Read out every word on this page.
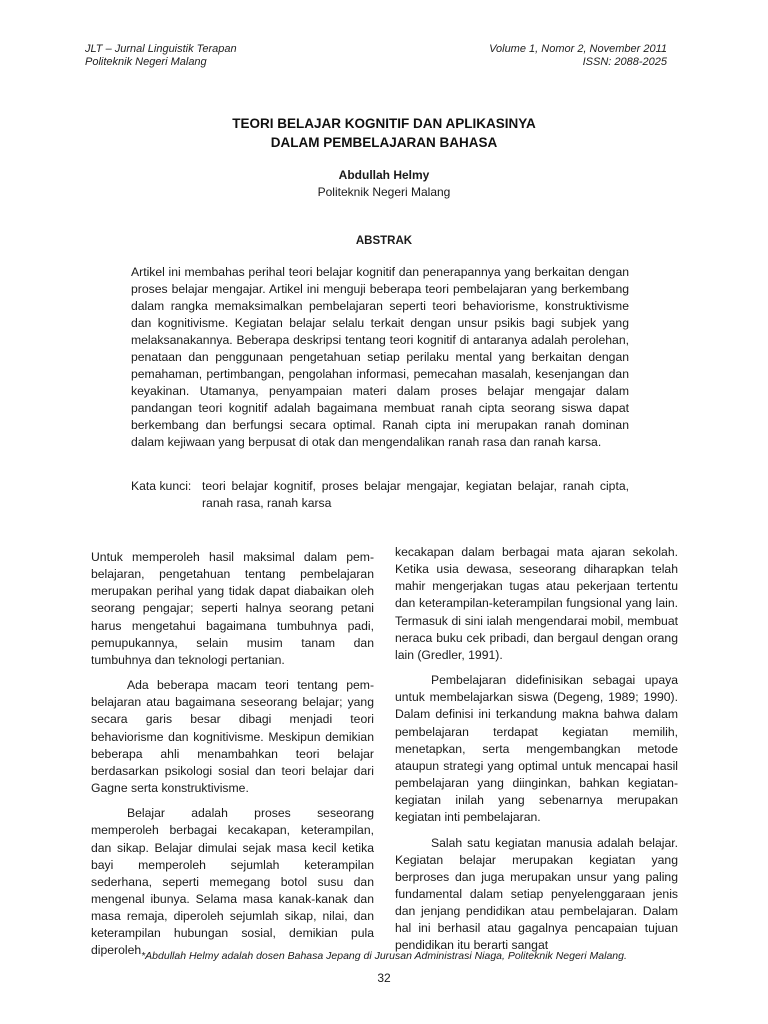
JLT – Jurnal Linguistik Terapan
Politeknik Negeri Malang
Volume 1, Nomor 2, November 2011
ISSN: 2088-2025
TEORI BELAJAR KOGNITIF DAN APLIKASINYA
DALAM PEMBELAJARAN BAHASA
Abdullah Helmy
Politeknik Negeri Malang
ABSTRAK
Artikel ini membahas perihal teori belajar kognitif dan penerapannya yang berkaitan dengan proses belajar mengajar. Artikel ini menguji beberapa teori pembelajaran yang berkembang dalam rangka memaksimalkan pembelajaran seperti teori behaviorisme, konstruktivisme dan kognitivisme. Kegiatan belajar selalu terkait dengan unsur psikis bagi subjek yang melaksanakannya. Beberapa deskripsi tentang teori kognitif di antaranya adalah perolehan, penataan dan penggunaan pengetahuan setiap perilaku mental yang berkaitan dengan pemahaman, pertimbangan, pengolahan informasi, pemecahan masalah, kesenjangan dan keyakinan. Utamanya, penyampaian materi dalam proses belajar mengajar dalam pandangan teori kognitif adalah bagaimana membuat ranah cipta seorang siswa dapat berkembang dan berfungsi secara optimal. Ranah cipta ini merupakan ranah dominan dalam kejiwaan yang berpusat di otak dan mengendalikan ranah rasa dan ranah karsa.
Kata kunci: teori belajar kognitif, proses belajar mengajar, kegiatan belajar, ranah cipta, ranah rasa, ranah karsa

Untuk memperoleh hasil maksimal dalam pembelajaran, pengetahuan tentang pembelajaran merupakan perihal yang tidak dapat diabaikan oleh seorang pengajar; seperti halnya seorang petani harus mengetahui bagaimana tumbuhnya padi, pemupukannya, selain musim tanam dan tumbuhnya dan teknologi pertanian.

Ada beberapa macam teori tentang pembelajaran atau bagaimana seseorang belajar; yang secara garis besar dibagi menjadi teori behaviorisme dan kognitivisme. Meskipun demikian beberapa ahli menambahkan teori belajar berdasarkan psikologi sosial dan teori belajar dari Gagne serta konstruktivisme.

Belajar adalah proses seseorang memperoleh berbagai kecakapan, keterampilan, dan sikap. Belajar dimulai sejak masa kecil ketika bayi memperoleh sejumlah keterampilan sederhana, seperti memegang botol susu dan mengenal ibunya. Selama masa kanak-kanak dan masa remaja, diperoleh sejumlah sikap, nilai, dan keterampilan hubungan sosial, demikian pula diperoleh

kecakapan dalam berbagai mata ajaran sekolah. Ketika usia dewasa, seseorang diharapkan telah mahir mengerjakan tugas atau pekerjaan tertentu dan keterampilan-keterampilan fungsional yang lain. Termasuk di sini ialah mengendarai mobil, membuat neraca buku cek pribadi, dan bergaul dengan orang lain (Gredler, 1991).

Pembelajaran didefinisikan sebagai upaya untuk membelajarkan siswa (Degeng, 1989; 1990). Dalam definisi ini terkandung makna bahwa dalam pembelajaran terdapat kegiatan memilih, menetapkan, serta mengembangkan metode ataupun strategi yang optimal untuk mencapai hasil pembelajaran yang diinginkan, bahkan kegiatan-kegiatan inilah yang sebenarnya merupakan kegiatan inti pembelajaran.

Salah satu kegiatan manusia adalah belajar. Kegiatan belajar merupakan kegiatan yang berproses dan juga merupakan unsur yang paling fundamental dalam setiap penyelenggaraan jenis dan jenjang pendidikan atau pembelajaran. Dalam hal ini berhasil atau gagalnya pencapaian tujuan pendidikan itu berarti sangat

*Abdullah Helmy adalah dosen Bahasa Jepang di Jurusan Administrasi Niaga, Politeknik Negeri Malang.
32
